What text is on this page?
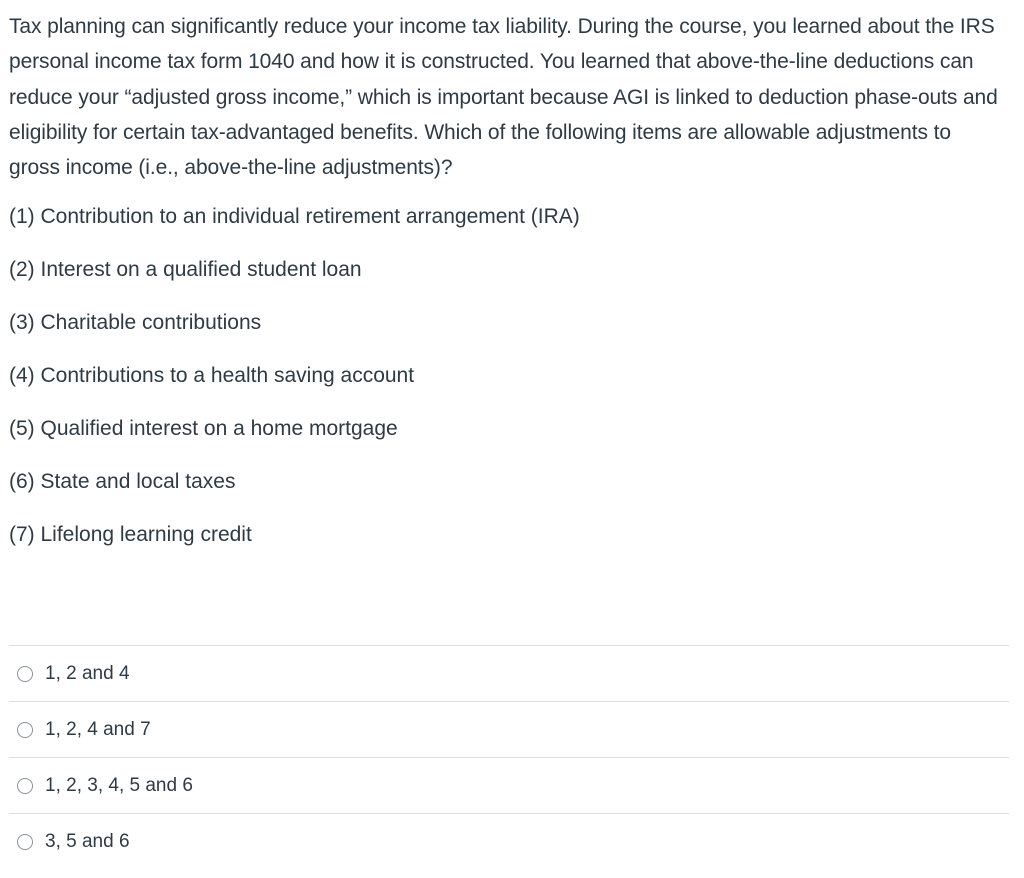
Tax planning can significantly reduce your income tax liability. During the course, you learned about the IRS personal income tax form 1040 and how it is constructed. You learned that above-the-line deductions can reduce your “adjusted gross income,” which is important because AGI is linked to deduction phase-outs and eligibility for certain tax-advantaged benefits. Which of the following items are allowable adjustments to gross income (i.e., above-the-line adjustments)?

(1) Contribution to an individual retirement arrangement (IRA)
(2) Interest on a qualified student loan
(3) Charitable contributions
(4) Contributions to a health saving account
(5) Qualified interest on a home mortgage
(6) State and local taxes
(7) Lifelong learning credit
1, 2 and 4
1, 2, 4 and 7
1, 2, 3, 4, 5 and 6
3, 5 and 6
